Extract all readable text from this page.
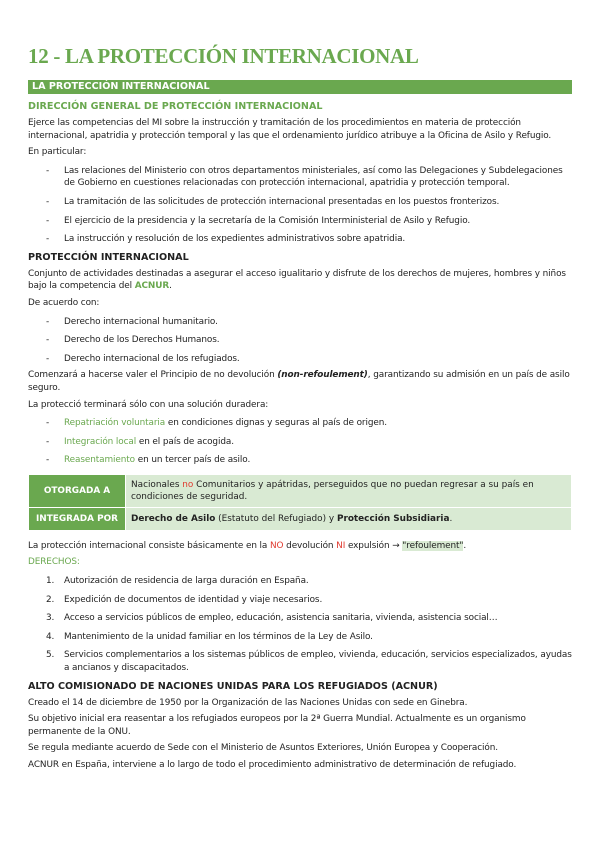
12 - LA PROTECCIÓN INTERNACIONAL
LA PROTECCIÓN INTERNACIONAL
DIRECCIÓN GENERAL DE PROTECCIÓN INTERNACIONAL

Ejerce las competencias del MI sobre la instrucción y tramitación de los procedimientos en materia de protección internacional, apatridia y protección temporal y las que el ordenamiento jurídico atribuye a la Oficina de Asilo y Refugio.

En particular:

- Las relaciones del Ministerio con otros departamentos ministeriales, así como las Delegaciones y Subdelegaciones de Gobierno en cuestiones relacionadas con protección internacional, apatridia y protección temporal.
- La tramitación de las solicitudes de protección internacional presentadas en los puestos fronterizos.
- El ejercicio de la presidencia y la secretaría de la Comisión Interministerial de Asilo y Refugio.
- La instrucción y resolución de los expedientes administrativos sobre apatridia.
PROTECCIÓN INTERNACIONAL

Conjunto de actividades destinadas a asegurar el acceso igualitario y disfrute de los derechos de mujeres, hombres y niños bajo la competencia del ACNUR.

De acuerdo con:

- Derecho internacional humanitario.
- Derecho de los Derechos Humanos.
- Derecho internacional de los refugiados.

Comenzará a hacerse valer el Principio de no devolución (non-refoulement), garantizando su admisión en un país de asilo seguro.

La protecció terminará sólo con una solución duradera:

- Repatriación voluntaria en condiciones dignas y seguras al país de origen.
- Integración local en el país de acogida.
- Reasentamiento en un tercer país de asilo.
OTORGADA A	Nacionales no Comunitarios y apátridas, perseguidos que no puedan regresar a su país en condiciones de seguridad.
INTEGRADA POR	Derecho de Asilo (Estatuto del Refugiado) y Protección Subsidiaria.

La protección internacional consiste básicamente en la NO devolución NI expulsión → "refoulement".

DERECHOS:

1. Autorización de residencia de larga duración en España.
2. Expedición de documentos de identidad y viaje necesarios.
3. Acceso a servicios públicos de empleo, educación, asistencia sanitaria, vivienda, asistencia social…
4. Mantenimiento de la unidad familiar en los términos de la Ley de Asilo.
5. Servicios complementarios a los sistemas públicos de empleo, vivienda, educación, servicios especializados, ayudas a ancianos y discapacitados.
ALTO COMISIONADO DE NACIONES UNIDAS PARA LOS REFUGIADOS (ACNUR)

Creado el 14 de diciembre de 1950 por la Organización de las Naciones Unidas con sede en Ginebra.

Su objetivo inicial era reasentar a los refugiados europeos por la 2ª Guerra Mundial. Actualmente es un organismo permanente de la ONU.

Se regula mediante acuerdo de Sede con el Ministerio de Asuntos Exteriores, Unión Europea y Cooperación.

ACNUR en España, interviene a lo largo de todo el procedimiento administrativo de determinación de refugiado.
